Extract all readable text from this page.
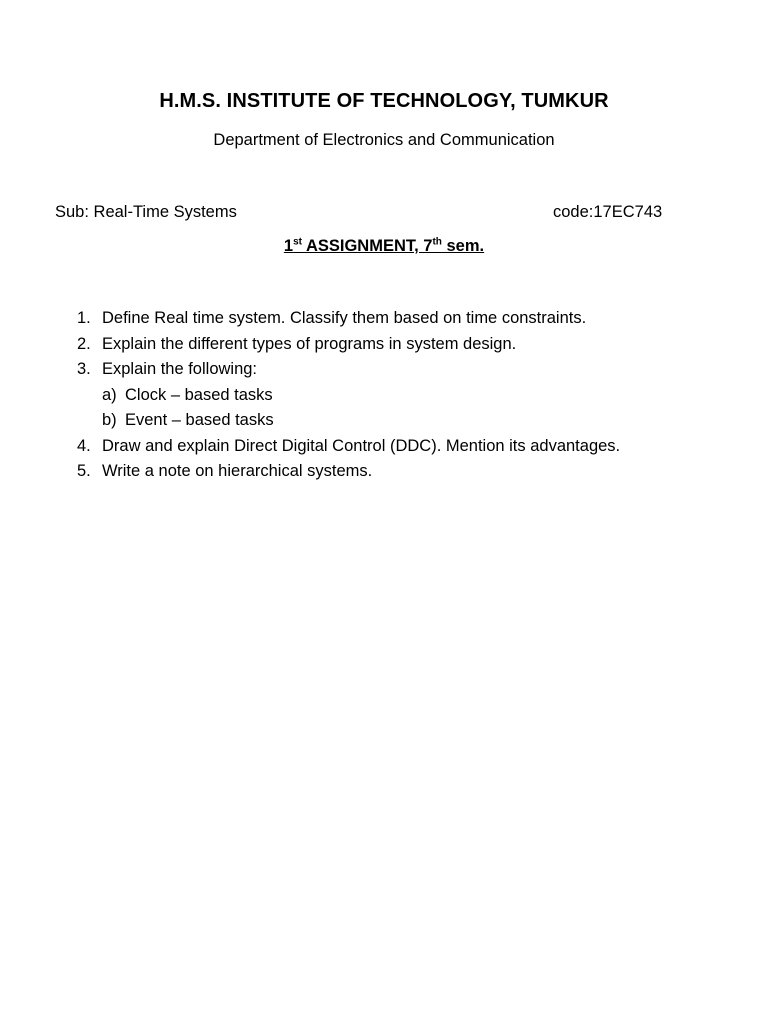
H.M.S. INSTITUTE OF TECHNOLOGY, TUMKUR
Department of Electronics and Communication
Sub: Real-Time Systems	code:17EC743
1st ASSIGNMENT, 7th sem.
1. Define Real time system. Classify them based on time constraints.
2. Explain the different types of programs in system design.
3. Explain the following:
a) Clock – based tasks
b) Event – based tasks
4. Draw and explain Direct Digital Control (DDC). Mention its advantages.
5. Write a note on hierarchical systems.
